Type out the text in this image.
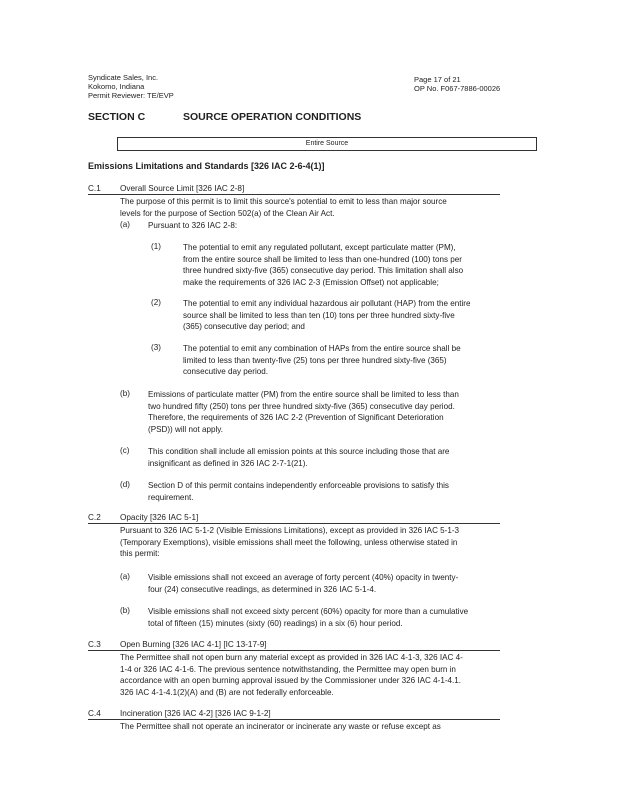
Syndicate Sales, Inc.
Kokomo, Indiana
Permit Reviewer: TE/EVP
Page 17 of 21
OP No. F067-7886-00026
SECTION C	SOURCE OPERATION CONDITIONS
Entire Source
Emissions Limitations and Standards [326 IAC 2-6-4(1)]
C.1 Overall Source Limit [326 IAC 2-8]
The purpose of this permit is to limit this source's potential to emit to less than major source
levels for the purpose of Section 502(a) of the Clean Air Act.
(a) Pursuant to 326 IAC 2-8:
(1)	The potential to emit any regulated pollutant, except particulate matter (PM),
from the entire source shall be limited to less than one-hundred (100) tons per
three hundred sixty-five (365) consecutive day period. This limitation shall also
make the requirements of 326 IAC 2-3 (Emission Offset) not applicable;
(2)	The potential to emit any individual hazardous air pollutant (HAP) from the entire
source shall be limited to less than ten (10) tons per three hundred sixty-five
(365) consecutive day period; and
(3)	The potential to emit any combination of HAPs from the entire source shall be
limited to less than twenty-five (25) tons per three hundred sixty-five (365)
consecutive day period.
(b) Emissions of particulate matter (PM) from the entire source shall be limited to less than
two hundred fifty (250) tons per three hundred sixty-five (365) consecutive day period.
Therefore, the requirements of 326 IAC 2-2 (Prevention of Significant Deterioration
(PSD)) will not apply.
(c) This condition shall include all emission points at this source including those that are
insignificant as defined in 326 IAC 2-7-1(21).
(d) Section D of this permit contains independently enforceable provisions to satisfy this
requirement.
C.2 Opacity [326 IAC 5-1]
Pursuant to 326 IAC 5-1-2 (Visible Emissions Limitations), except as provided in 326 IAC 5-1-3
(Temporary Exemptions), visible emissions shall meet the following, unless otherwise stated in
this permit:
(a) Visible emissions shall not exceed an average of forty percent (40%) opacity in twenty-
four (24) consecutive readings, as determined in 326 IAC 5-1-4.
(b) Visible emissions shall not exceed sixty percent (60%) opacity for more than a cumulative
total of fifteen (15) minutes (sixty (60) readings) in a six (6) hour period.
C.3 Open Burning [326 IAC 4-1] [IC 13-17-9]
The Permittee shall not open burn any material except as provided in 326 IAC 4-1-3, 326 IAC 4-
1-4 or 326 IAC 4-1-6. The previous sentence notwithstanding, the Permittee may open burn in
accordance with an open burning approval issued by the Commissioner under 326 IAC 4-1-4.1.
326 IAC 4-1-4.1(2)(A) and (B) are not federally enforceable.
C.4 Incineration [326 IAC 4-2] [326 IAC 9-1-2]
The Permittee shall not operate an incinerator or incinerate any waste or refuse except as
